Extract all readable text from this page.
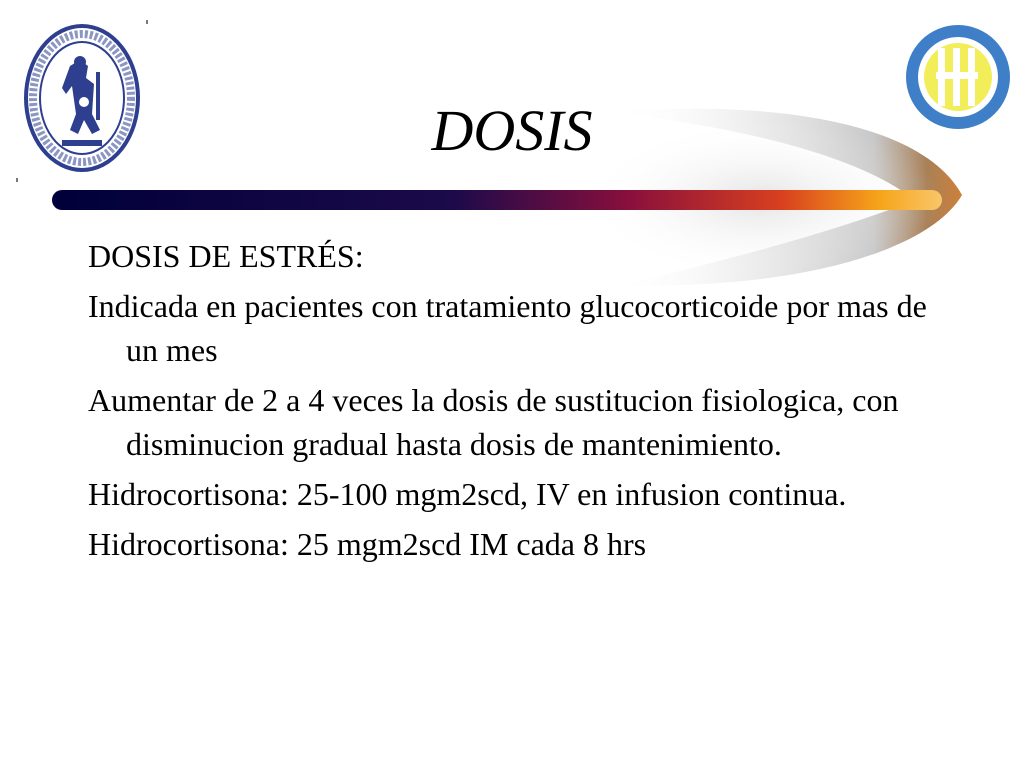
DOSIS

DOSIS DE ESTRÉS:

Indicada en pacientes con tratamiento glucocorticoide por mas de un mes

Aumentar de 2 a 4 veces la dosis de sustitucion fisiologica, con disminucion gradual hasta dosis de mantenimiento.

Hidrocortisona: 25-100 mgm2scd, IV en infusion continua.

Hidrocortisona: 25 mgm2scd IM cada 8 hrs
